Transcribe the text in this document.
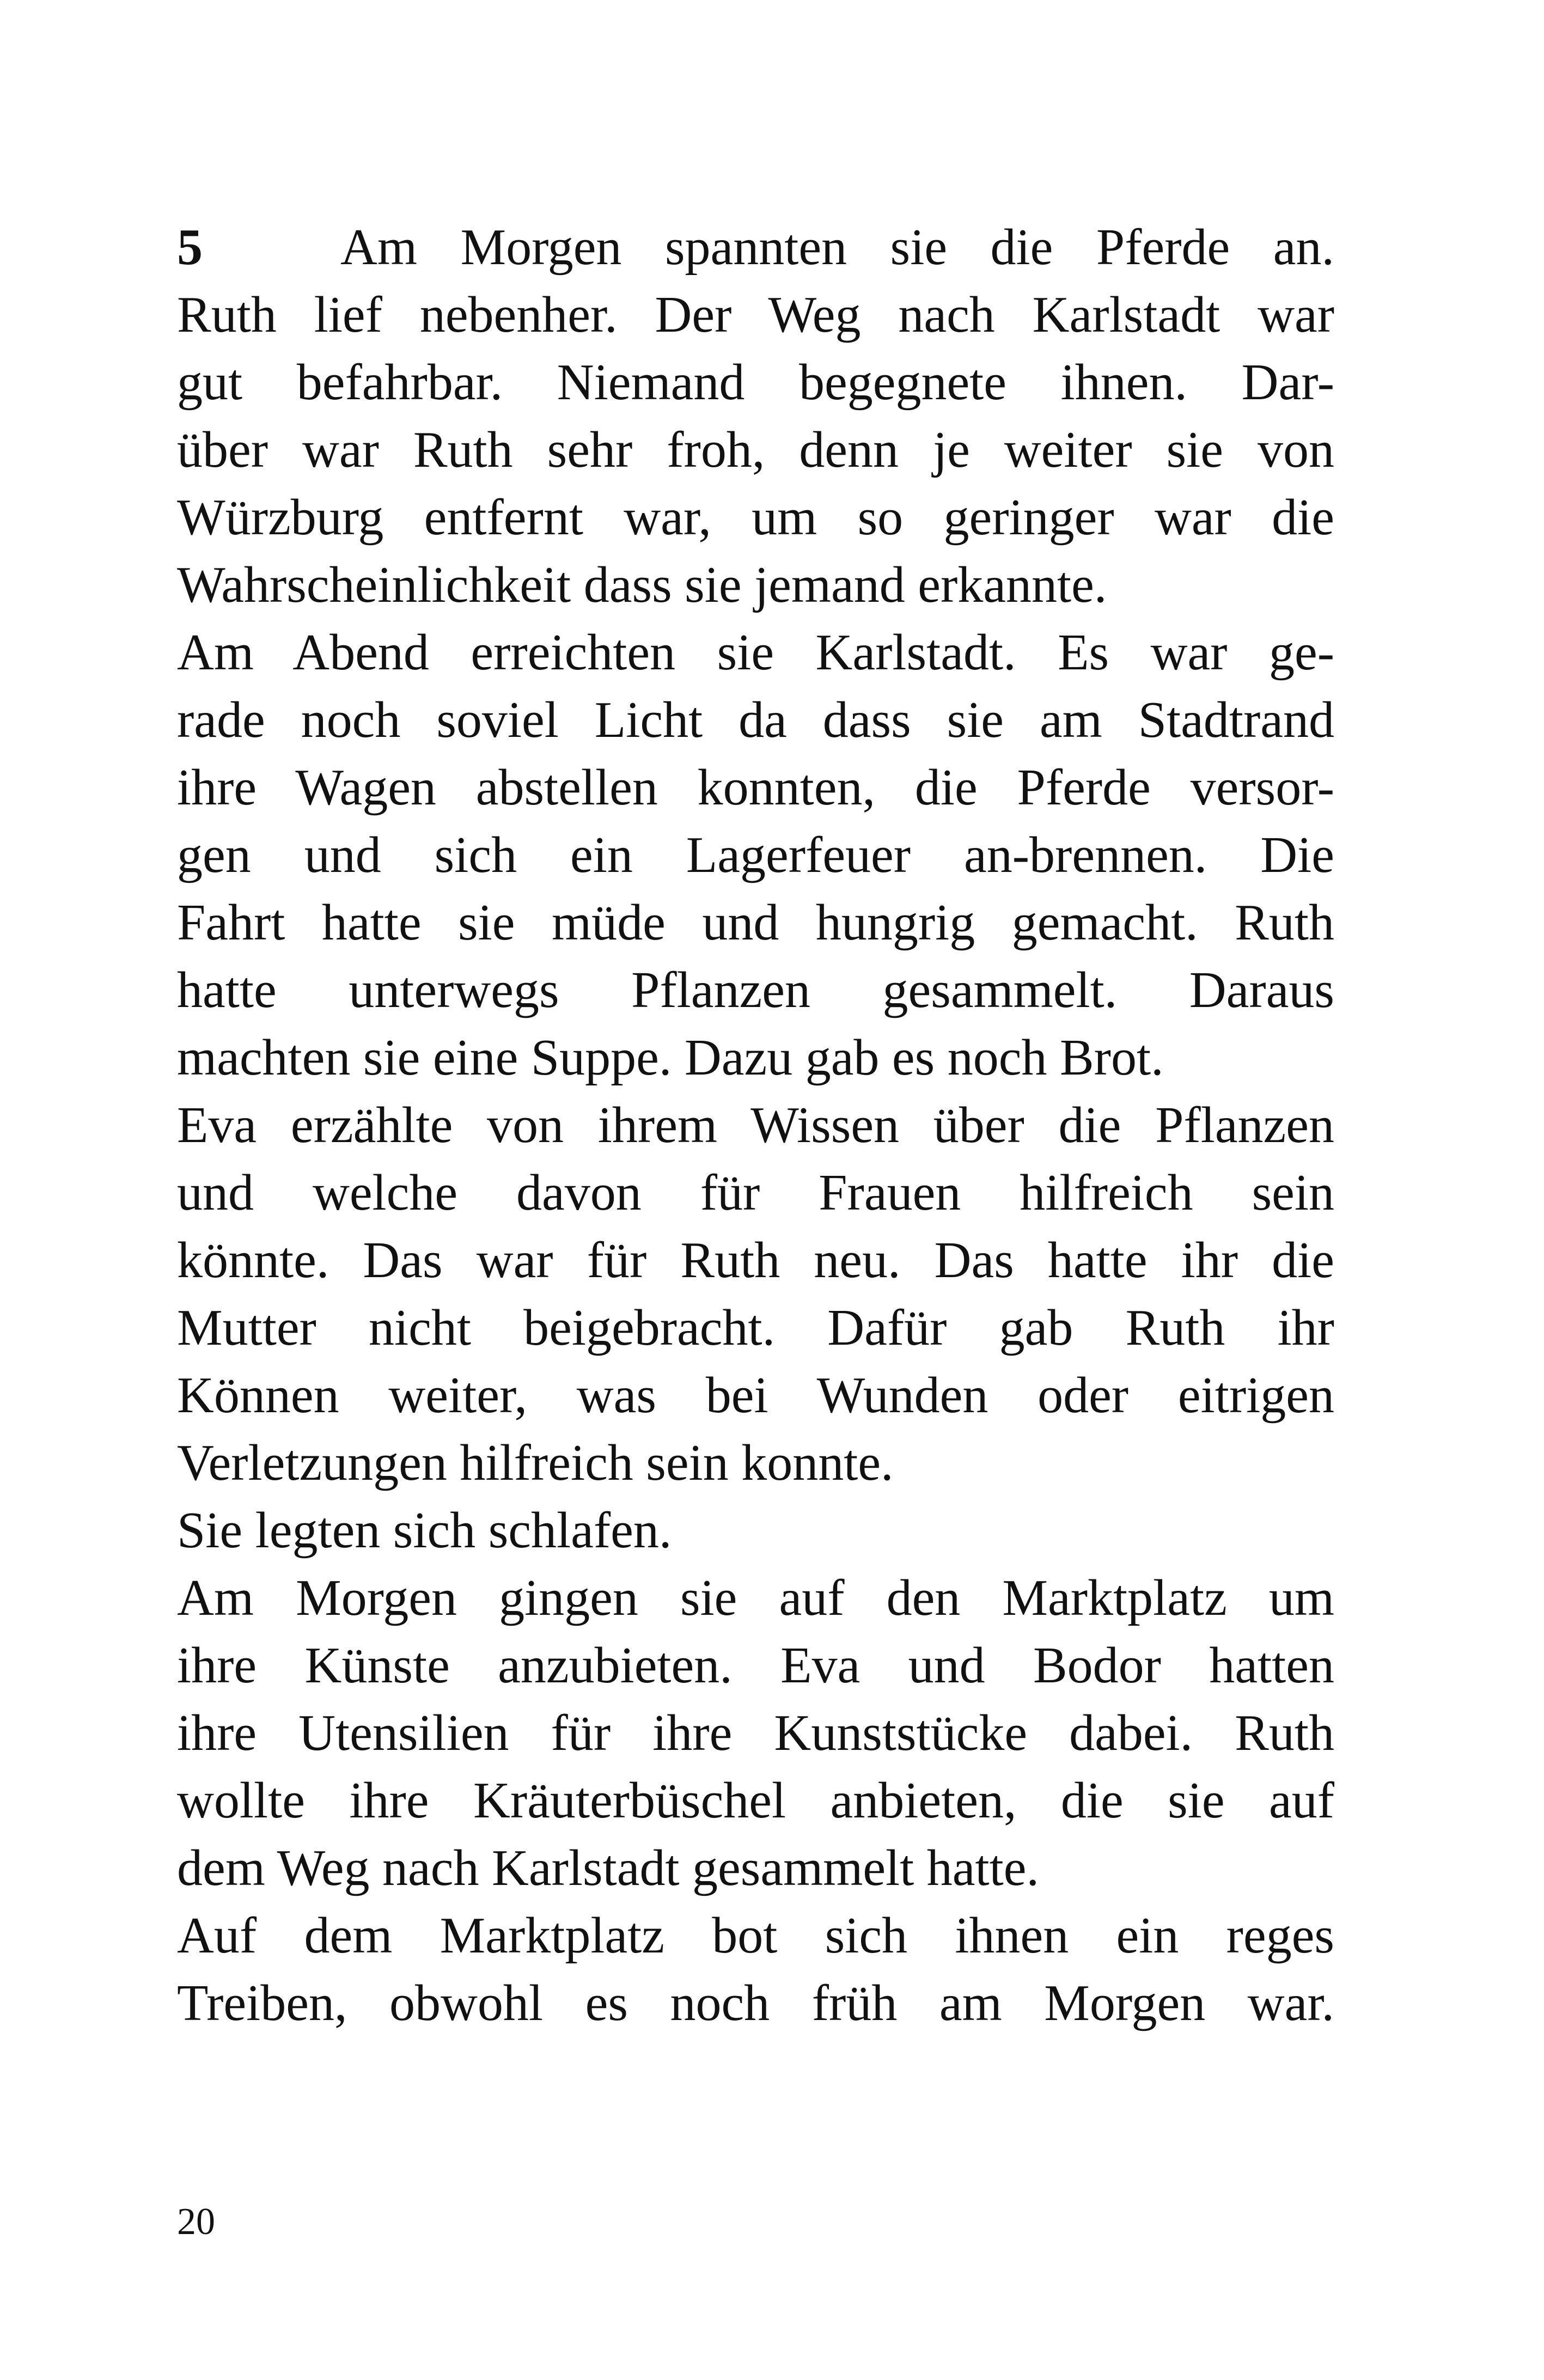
5	Am Morgen spannten sie die Pferde an.
Ruth lief nebenher. Der Weg nach Karlstadt war
gut befahrbar. Niemand begegnete ihnen. Dar-
über war Ruth sehr froh, denn je weiter sie von
Würzburg entfernt war, um so geringer war die
Wahrscheinlichkeit dass sie jemand erkannte.
Am Abend erreichten sie Karlstadt. Es war ge-
rade noch soviel Licht da dass sie am Stadtrand
ihre Wagen abstellen konnten, die Pferde versor-
gen und sich ein Lagerfeuer an-brennen. Die
Fahrt hatte sie müde und hungrig gemacht. Ruth
hatte unterwegs Pflanzen gesammelt. Daraus
machten sie eine Suppe. Dazu gab es noch Brot.
Eva erzählte von ihrem Wissen über die Pflanzen
und welche davon für Frauen hilfreich sein
könnte. Das war für Ruth neu. Das hatte ihr die
Mutter nicht beigebracht. Dafür gab Ruth ihr
Können weiter, was bei Wunden oder eitrigen
Verletzungen hilfreich sein konnte.
Sie legten sich schlafen.
Am Morgen gingen sie auf den Marktplatz um
ihre Künste anzubieten. Eva und Bodor hatten
ihre Utensilien für ihre Kunststücke dabei. Ruth
wollte ihre Kräuterbüschel anbieten, die sie auf
dem Weg nach Karlstadt gesammelt hatte.
Auf dem Marktplatz bot sich ihnen ein reges
Treiben, obwohl es noch früh am Morgen war.
20
